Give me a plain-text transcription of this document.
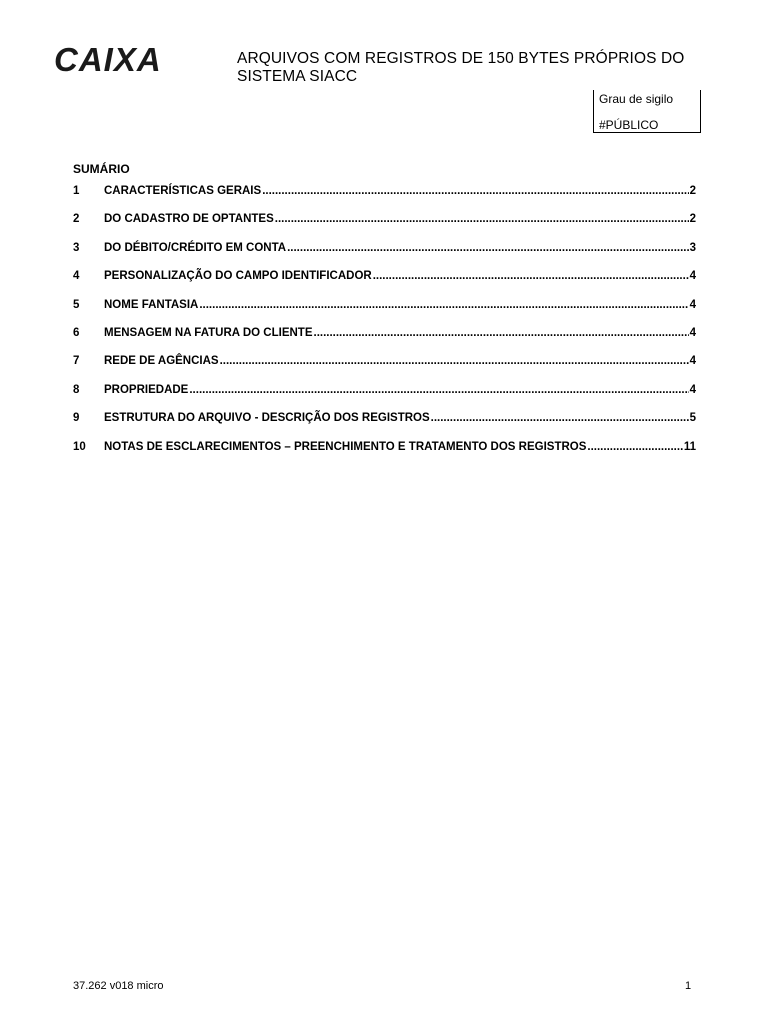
CAIXA	ARQUIVOS COM REGISTROS DE 150 BYTES PRÓPRIOS DO SISTEMA SIACC
Grau de sigilo
#PÚBLICO
SUMÁRIO
1	CARACTERÍSTICAS GERAIS .....	2
2	DO CADASTRO DE OPTANTES .....	2
3	DO DÉBITO/CRÉDITO EM CONTA .....	3
4	PERSONALIZAÇÃO DO CAMPO IDENTIFICADOR .....	4
5	NOME FANTASIA .....	4
6	MENSAGEM NA FATURA DO CLIENTE .....	4
7	REDE DE AGÊNCIAS .....	4
8	PROPRIEDADE .....	4
9	ESTRUTURA DO ARQUIVO - DESCRIÇÃO DOS REGISTROS .....	5
10	NOTAS DE ESCLARECIMENTOS – PREENCHIMENTO E TRATAMENTO DOS REGISTROS .....	11
37.262 v018 micro	1
